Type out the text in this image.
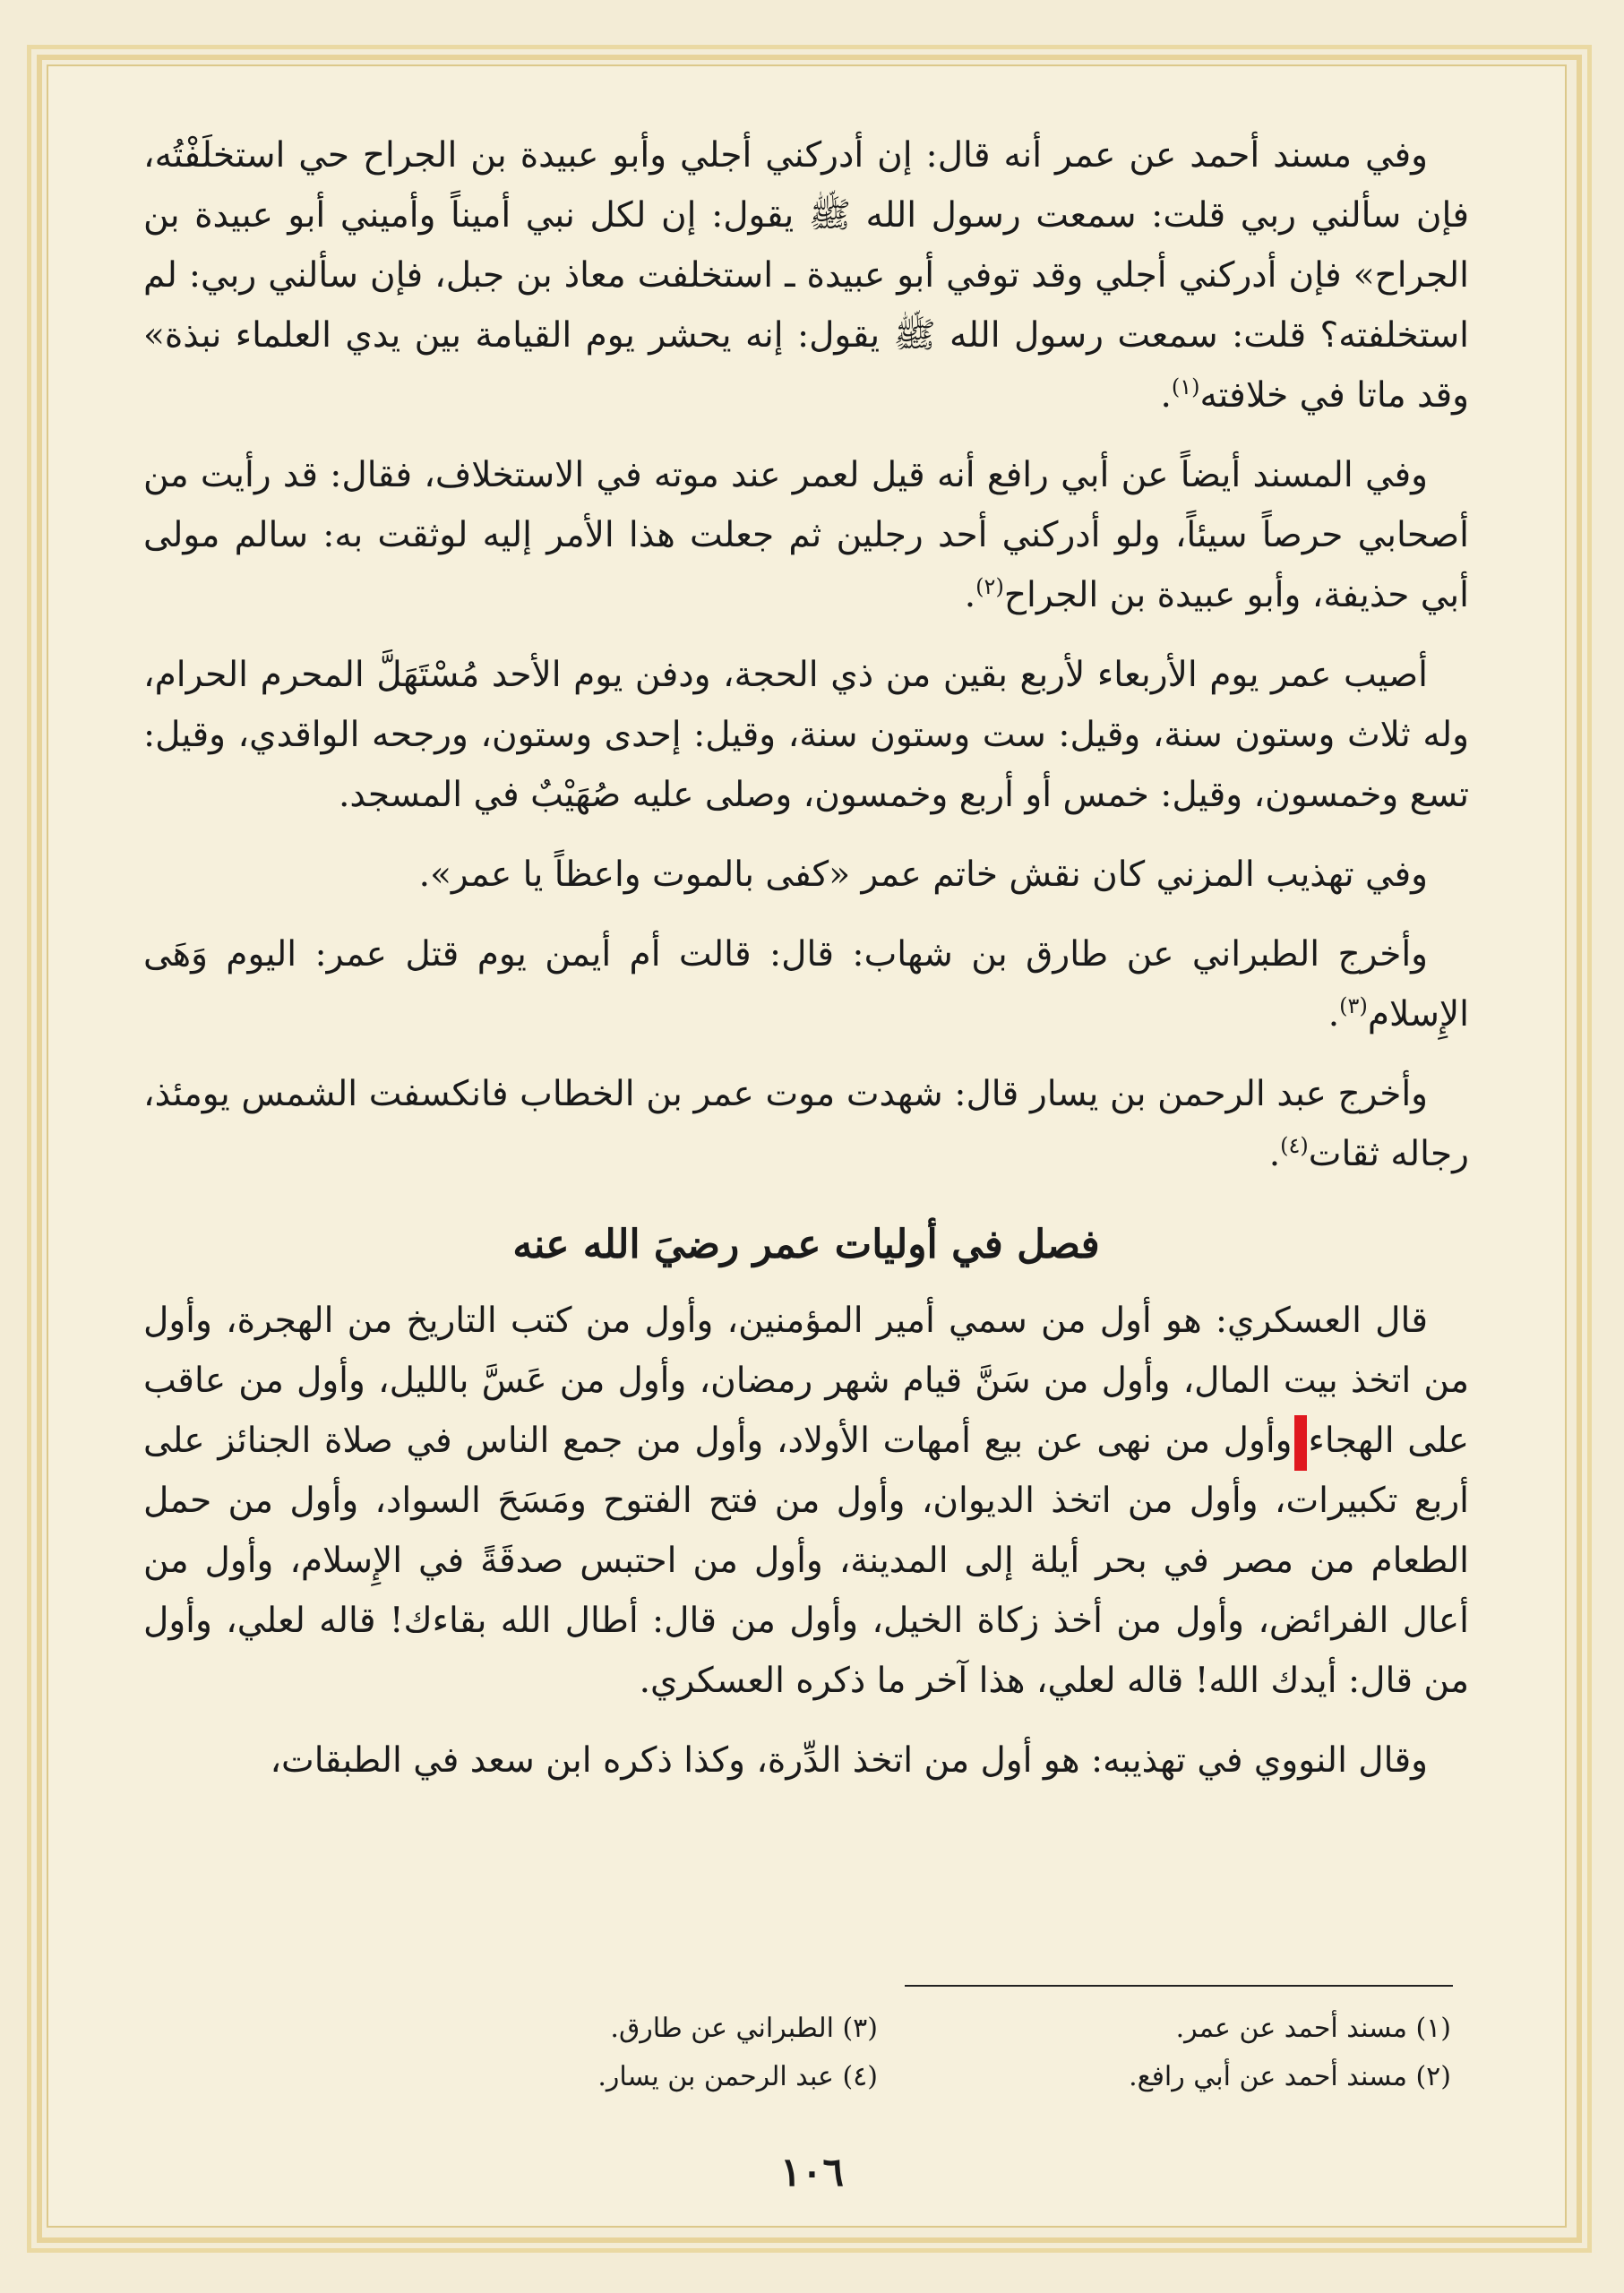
وفي مسند أحمد عن عمر أنه قال: إن أدركني أجلي وأبو عبيدة بن الجراح حي استخلَفْتُه، فإن سألني ربي قلت: سمعت رسول الله ﷺ يقول: إن لكل نبي أميناً وأميني أبو عبيدة بن الجراح» فإن أدركني أجلي وقد توفي أبو عبيدة ـ استخلفت معاذ بن جبل، فإن سألني ربي: لم استخلفته؟ قلت: سمعت رسول الله ﷺ يقول: إنه يحشر يوم القيامة بين يدي العلماء نبذة» وقد ماتا في خلافته$^{(١)}$.

وفي المسند أيضاً عن أبي رافع أنه قيل لعمر عند موته في الاستخلاف، فقال: قد رأيت من أصحابي حرصاً سيئاً، ولو أدركني أحد رجلين ثم جعلت هذا الأمر إليه لوثقت به: سالم مولى أبي حذيفة، وأبو عبيدة بن الجراح$^{(٢)}$.

أصيب عمر يوم الأربعاء لأربع بقين من ذي الحجة، ودفن يوم الأحد مُسْتَهَلَّ المحرم الحرام، وله ثلاث وستون سنة، وقيل: ست وستون سنة، وقيل: إحدى وستون، ورجحه الواقدي، وقيل: تسع وخمسون، وقيل: خمس أو أربع وخمسون، وصلى عليه صُهَيْبٌ في المسجد.

وفي تهذيب المزني كان نقش خاتم عمر «كفى بالموت واعظاً يا عمر».

وأخرج الطبراني عن طارق بن شهاب: قال: قالت أم أيمن يوم قتل عمر: اليوم وَهَى الإِسلام$^{(٣)}$.

وأخرج عبد الرحمن بن يسار قال: شهدت موت عمر بن الخطاب فانكسفت الشمس يومئذ، رجاله ثقات$^{(٤)}$.

فصل في أوليات عمر رضيَ الله عنه

قال العسكري: هو أول من سمي أمير المؤمنين، وأول من كتب التاريخ من الهجرة، وأول من اتخذ بيت المال، وأول من سَنَّ قيام شهر رمضان، وأول من عَسَّ بالليل، وأول من عاقب على الهجاءوأول من نهى عن بيع أمهات الأولاد، وأول من جمع الناس في صلاة الجنائز على أربع تكبيرات، وأول من اتخذ الديوان، وأول من فتح الفتوح ومَسَحَ السواد، وأول من حمل الطعام من مصر في بحر أيلة إلى المدينة، وأول من احتبس صدقَةً في الإِسلام، وأول من أعال الفرائض، وأول من أخذ زكاة الخيل، وأول من قال: أطال الله بقاءك! قاله لعلي، وأول من قال: أيدك الله! قاله لعلي، هذا آخر ما ذكره العسكري.

وقال النووي في تهذيبه: هو أول من اتخذ الدِّرة، وكذا ذكره ابن سعد في الطبقات،

(١) مسند أحمد عن عمر.
(٣) الطبراني عن طارق.
(٢) مسند أحمد عن أبي رافع.
(٤) عبد الرحمن بن يسار.
١٠٦
